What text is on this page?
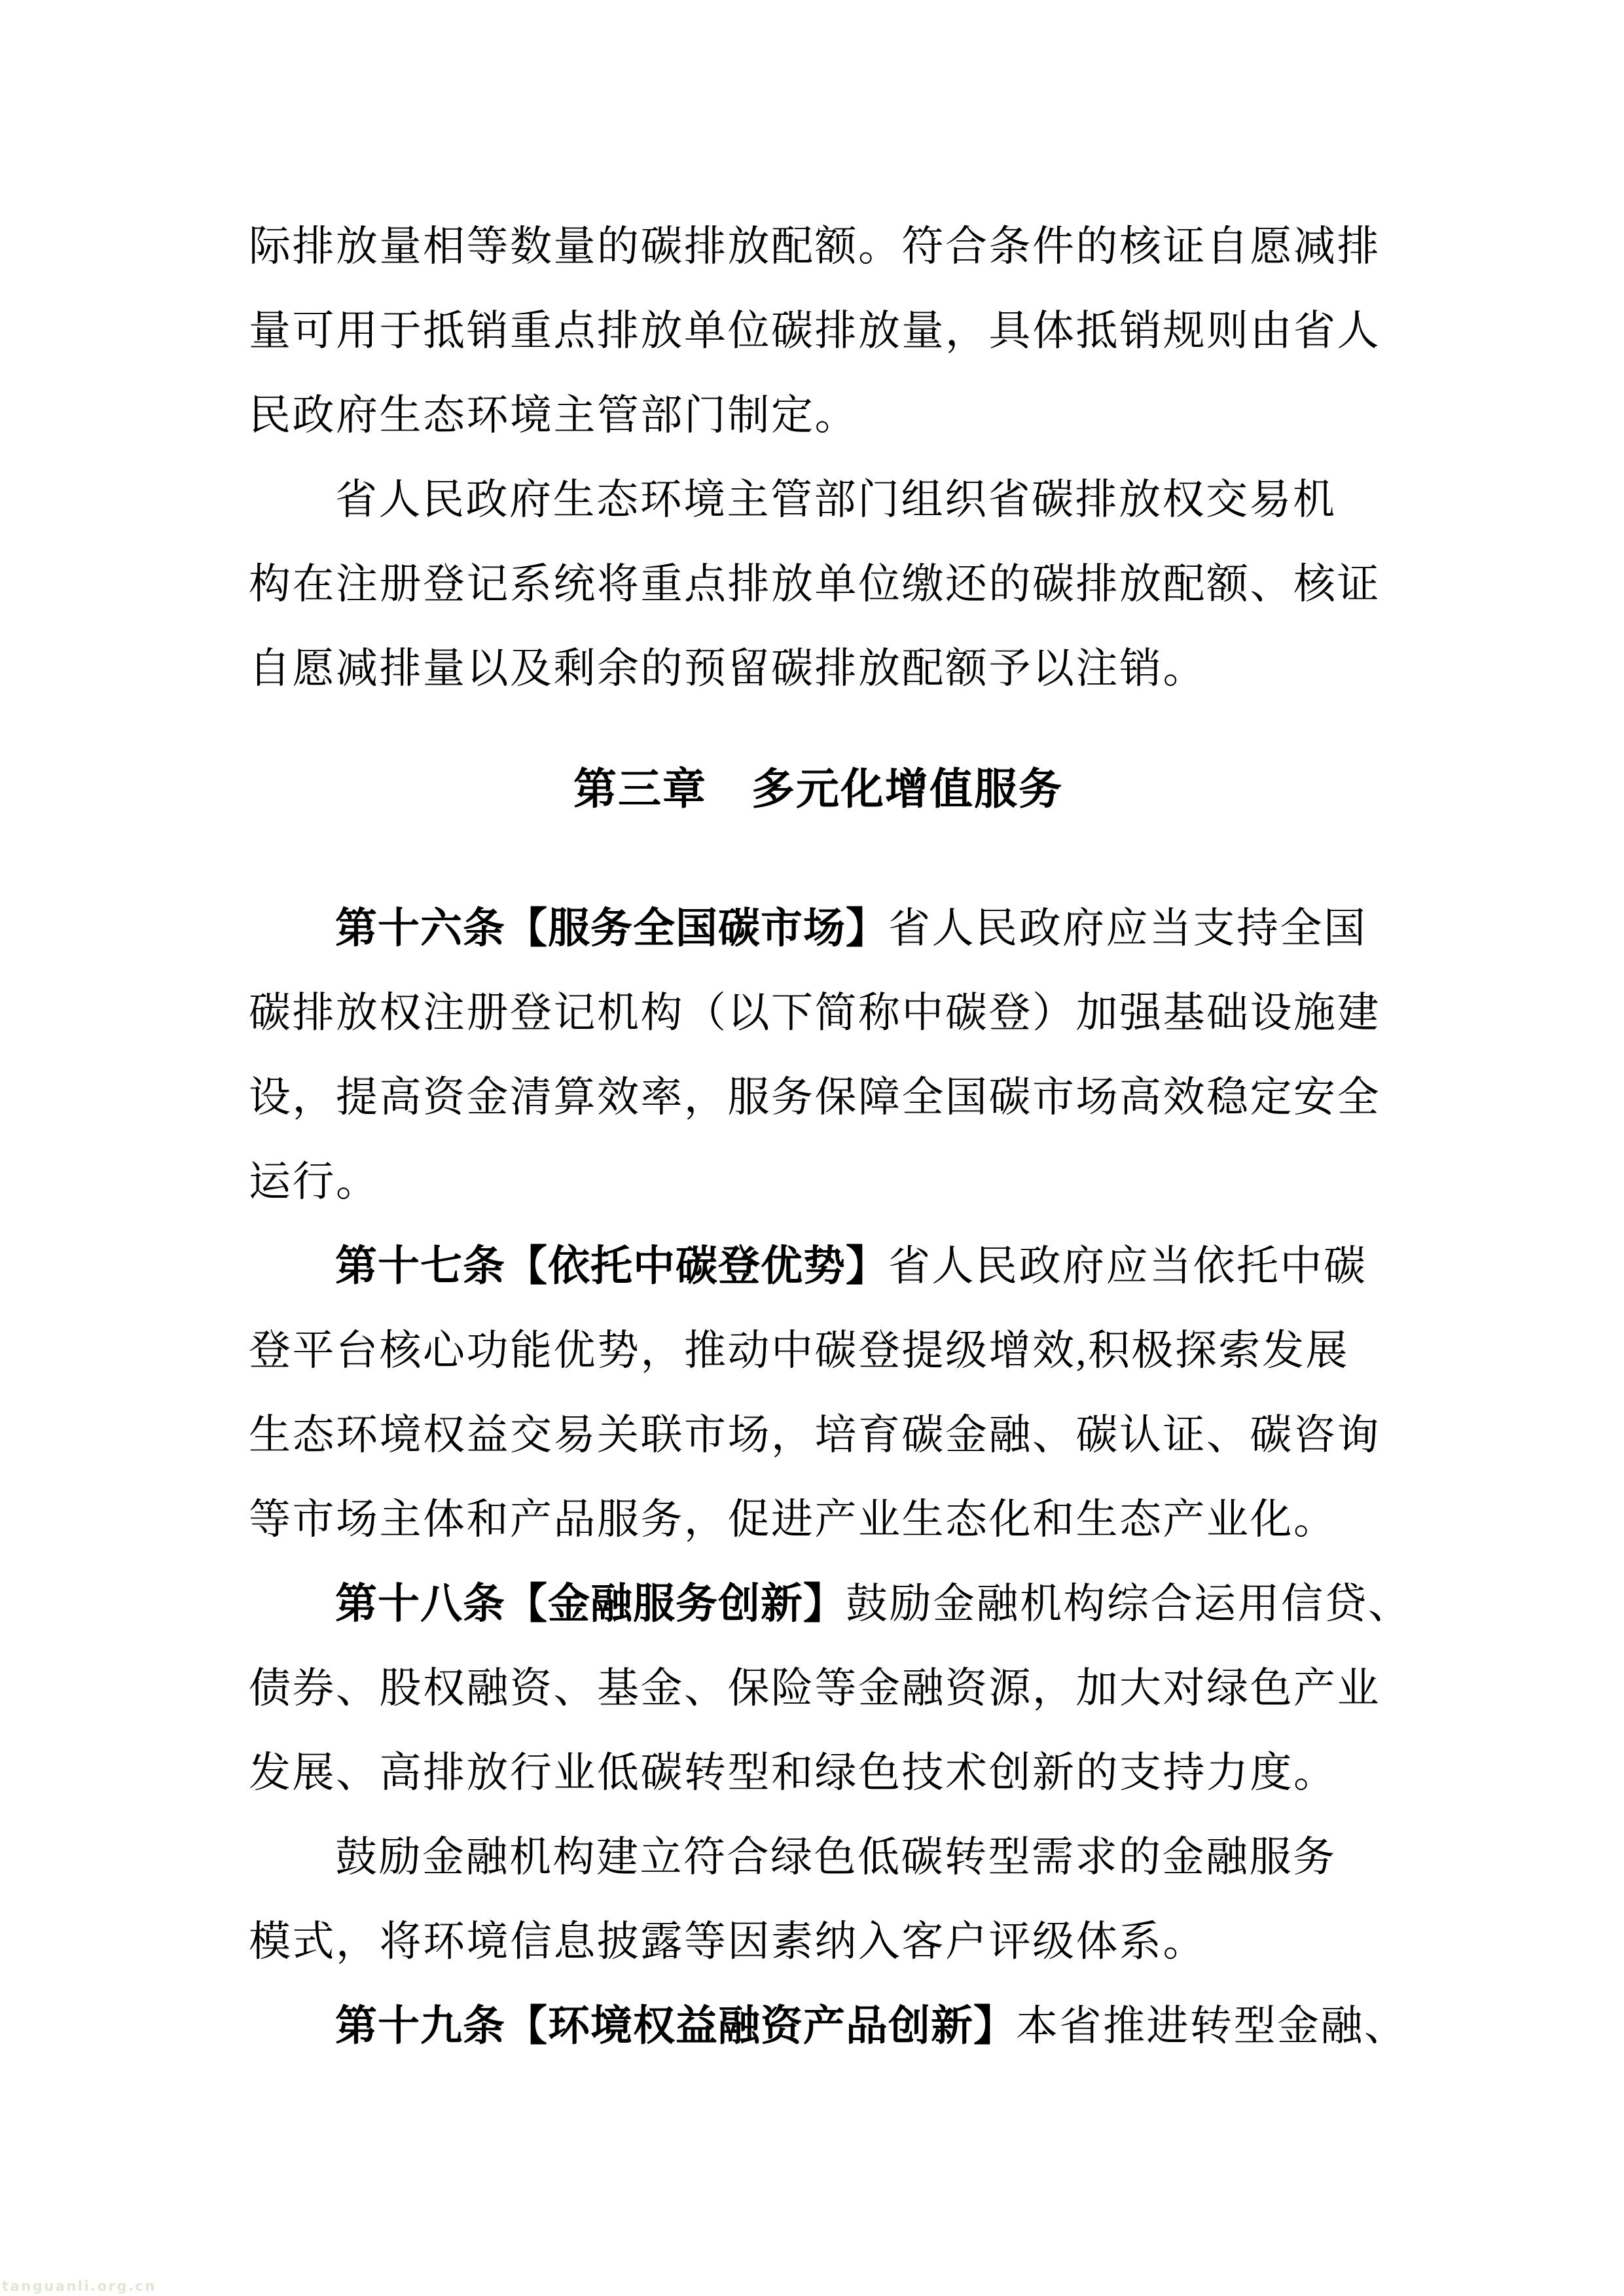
际排放量相等数量的碳排放配额。符合条件的核证自愿减排
量可用于抵销重点排放单位碳排放量，具体抵销规则由省人
民政府生态环境主管部门制定。
省人民政府生态环境主管部门组织省碳排放权交易机
构在注册登记系统将重点排放单位缴还的碳排放配额、核证
自愿减排量以及剩余的预留碳排放配额予以注销。
第三章　多元化增值服务
第十六条【服务全国碳市场】省人民政府应当支持全国
碳排放权注册登记机构（以下简称中碳登）加强基础设施建
设，提高资金清算效率，服务保障全国碳市场高效稳定安全
运行。
第十七条【依托中碳登优势】省人民政府应当依托中碳
登平台核心功能优势，推动中碳登提级增效,积极探索发展
生态环境权益交易关联市场，培育碳金融、碳认证、碳咨询
等市场主体和产品服务，促进产业生态化和生态产业化。
第十八条【金融服务创新】鼓励金融机构综合运用信贷、
债券、股权融资、基金、保险等金融资源，加大对绿色产业
发展、高排放行业低碳转型和绿色技术创新的支持力度。
鼓励金融机构建立符合绿色低碳转型需求的金融服务
模式，将环境信息披露等因素纳入客户评级体系。
第十九条【环境权益融资产品创新】本省推进转型金融、
tanguanli.org.cn
